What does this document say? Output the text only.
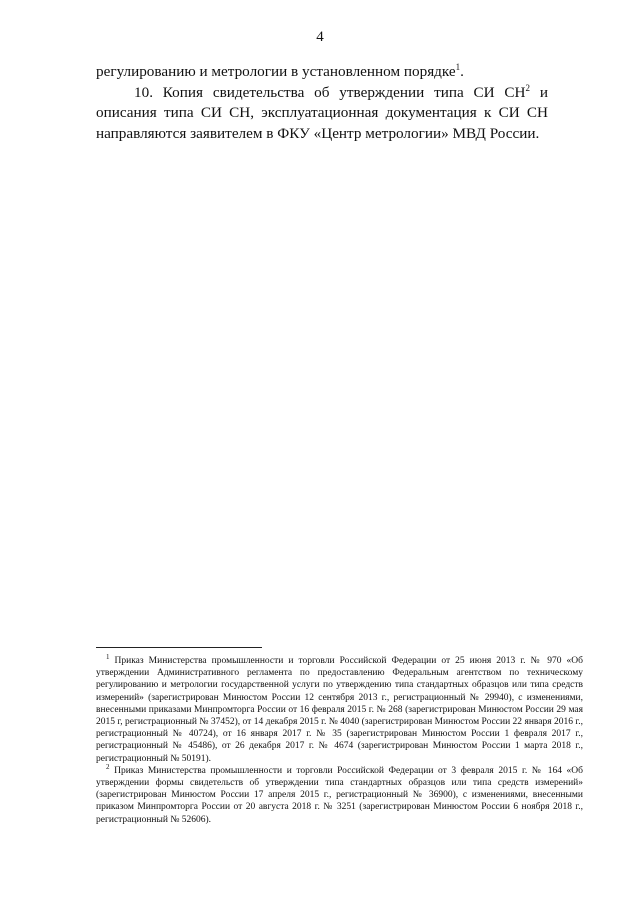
4

регулированию и метрологии в установленном порядке$^1$.

10. Копия свидетельства об утверждении типа СИ $СН^2$ и описания типа СИ СН, эксплуатационная документация к СИ СН направляются заявителем в ФКУ «Центр метрологии» МВД России.

$^1$ Приказ Министерства промышленности и торговли Российской Федерации от 25 июня 2013 г. № 970 «Об утверждении Административного регламента по предоставлению Федеральным агентством по техническому регулированию и метрологии государственной услуги по утверждению типа стандартных образцов или типа средств измерений» (зарегистрирован Минюстом России 12 сентября 2013 г., регистрационный № 29940), с изменениями, внесенными приказами Минпромторга России от 16 февраля 2015 г. № 268 (зарегистрирован Минюстом России 29 мая 2015 г, регистрационный № 37452), от 14 декабря 2015 г. № 4040 (зарегистрирован Минюстом России 22 января 2016 г., регистрационный № 40724), от 16 января 2017 г. № 35 (зарегистрирован Минюстом России 1 февраля 2017 г., регистрационный № 45486), от 26 декабря 2017 г. № 4674 (зарегистрирован Минюстом России 1 марта 2018 г., регистрационный № 50191).

$^2$ Приказ Министерства промышленности и торговли Российской Федерации от 3 февраля 2015 г. № 164 «Об утверждении формы свидетельств об утверждении типа стандартных образцов или типа средств измерений» (зарегистрирован Минюстом России 17 апреля 2015 г., регистрационный № 36900), с изменениями, внесенными приказом Минпромторга России от 20 августа 2018 г. № 3251 (зарегистрирован Минюстом России 6 ноября 2018 г., регистрационный № 52606).
